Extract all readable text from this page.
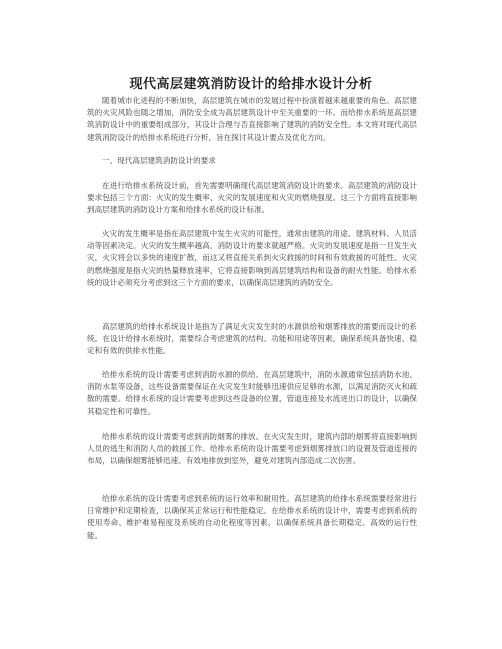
现代高层建筑消防设计的给排水设计分析

随着城市化进程的不断加快，高层建筑在城市的发展过程中扮演着越来越重要的角色。高层建筑的火灾风险也随之增加，消防安全成为高层建筑设计中至关重要的一环。而给排水系统是高层建筑消防设计中的重要组成部分，其设计合理与否直接影响了建筑的消防安全性。本文将对现代高层建筑消防设计的给排水系统进行分析，旨在探讨其设计要点及优化方向。

一、现代高层建筑消防设计的要求

在进行给排水系统设计前，首先需要明确现代高层建筑消防设计的要求。高层建筑的消防设计要求包括三个方面：火灾的发生概率、火灾的发展速度和火灾的燃烧强度。这三个方面将直接影响到高层建筑的消防设计方案和给排水系统的设计标准。

火灾的发生概率是指在高层建筑中发生火灾的可能性，通常由建筑的用途、建筑材料、人员活动等因素决定。火灾的发生概率越高，消防设计的要求就越严格。火灾的发展速度是指一旦发生火灾，火灾将会以多快的速度扩散，而这又将直接关系到火灾救援的时间和有效救援的可能性。火灾的燃烧强度是指火灾的热量释放速率，它将直接影响到高层建筑结构和设备的耐火性能。给排水系统的设计必须充分考虑到这三个方面的要求，以确保高层建筑的消防安全。

高层建筑的给排水系统设计是指为了满足火灾发生时的水源供给和烟雾排放的需要而设计的系统。在设计给排水系统时，需要综合考虑建筑的结构、功能和用途等因素，确保系统具备快速、稳定和有效的供排水性能。

给排水系统的设计需要考虑到消防水源的供给。在高层建筑中，消防水源通常包括消防水池、消防水泵等设备，这些设备需要保证在火灾发生时能够迅速供应足够的水源，以满足消防灭火和疏散的需要。给排水系统的设计需要考虑到这些设备的位置、管道连接及水流进出口的设计，以确保其稳定性和可靠性。

给排水系统的设计需要考虑到消防烟雾的排放。在火灾发生时，建筑内部的烟雾将直接影响到人员的逃生和消防人员的救援工作。给排水系统的设计需要考虑到烟雾排放口的设置及管道连接的布局，以确保烟雾能够迅速、有效地排放到室外，避免对建筑内部造成二次伤害。

给排水系统的设计需要考虑到系统的运行效率和耐用性。高层建筑的给排水系统需要经常进行日常维护和定期检查，以确保其正常运行和性能稳定。在给排水系统的设计中，需要考虑到系统的使用寿命、维护难易程度及系统的自动化程度等因素，以确保系统具备长期稳定、高效的运行性能。
